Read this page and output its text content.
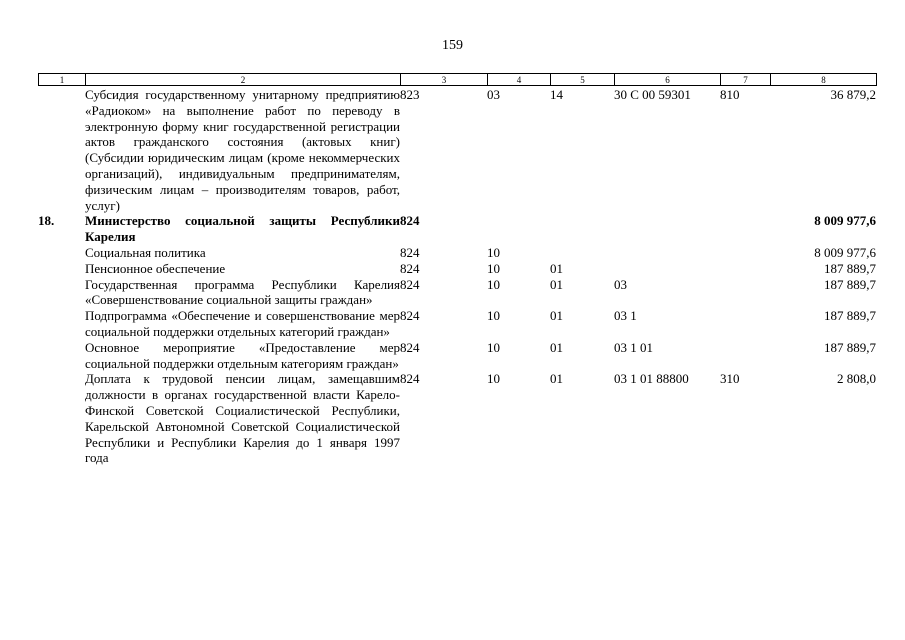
159
1	2	3	4	5	6	7	8
	Субсидия государственному унитарному предприятию «Радиоком» на выполнение работ по переводу в электронную форму книг государственной регистрации актов гражданского состояния (актовых книг) (Субсидии юридическим лицам (кроме некоммерческих организаций), индивидуальным предпринимателям, физическим лицам – производителям товаров, работ, услуг)	823	03	14	30 С 00 59301	810	36 879,2
18.	Министерство социальной защиты Республики Карелия	824					8 009 977,6
	Социальная политика	824	10				8 009 977,6
	Пенсионное обеспечение	824	10	01			187 889,7
	Государственная программа Республики Карелия «Совершенствование социальной защиты граждан»	824	10	01	03		187 889,7
	Подпрограмма «Обеспечение и совершенствование мер социальной поддержки отдельных категорий граждан»	824	10	01	03 1		187 889,7
	Основное мероприятие «Предоставление мер социальной поддержки отдельным категориям граждан»	824	10	01	03 1 01		187 889,7
	Доплата к трудовой пенсии лицам, замещавшим должности в органах государственной власти Карело-Финской Советской Социалистической Республики, Карельской Автономной Советской Социалистической Республики и Республики Карелия до 1 января 1997 года	824	10	01	03 1 01 88800	310	2 808,0
